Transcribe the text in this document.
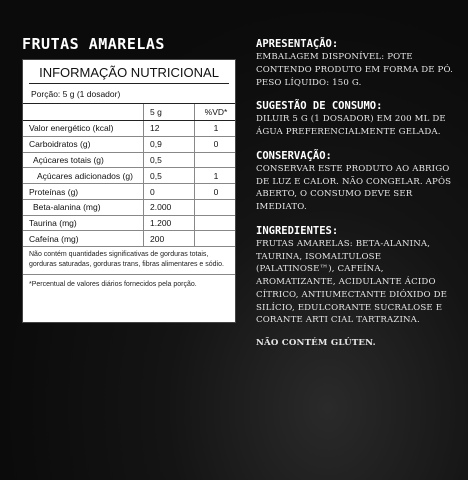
FRUTAS AMARELAS
INFORMAÇÃO NUTRICIONAL
Porção: 5 g (1 dosador)
	5 g	%VD*
Valor energético (kcal)	12	1
Carboidratos (g)	0,9	0
Açúcares totais (g)	0,5	
Açúcares adicionados (g)	0,5	1
Proteínas (g)	0	0
Beta-alanina (mg)	2.000	
Taurina (mg)	1.200	
Cafeína (mg)	200	
Não contém quantidades significativas de gorduras totais, gorduras saturadas, gorduras trans, fibras alimentares e sódio.
*Percentual de valores diários fornecidos pela porção.
APRESENTAÇÃO:
EMBALAGEM DISPONÍVEL: POTE CONTENDO PRODUTO EM FORMA DE PÓ. PESO LÍQUIDO: 150 G.
SUGESTÃO DE CONSUMO:
DILUIR 5 G (1 DOSADOR) EM 200 ML DE ÁGUA PREFERENCIALMENTE GELADA.
CONSERVAÇÃO:
CONSERVAR ESTE PRODUTO AO ABRIGO DE LUZ E CALOR. NÃO CONGELAR. APÓS ABERTO, O CONSUMO DEVE SER IMEDIATO.
INGREDIENTES:
FRUTAS AMARELAS: BETA-ALANINA, TAURINA, ISOMALTULOSE (PALATINOSE™), CAFEÍNA, AROMATIZANTE, ACIDULANTE ÁCIDO CÍTRICO, ANTIUMECTANTE DIÓXIDO DE SILÍCIO, EDULCORANTE SUCRALOSE E CORANTE ARTI CIAL TARTRAZINA.
NÃO CONTÉM GLÚTEN.
